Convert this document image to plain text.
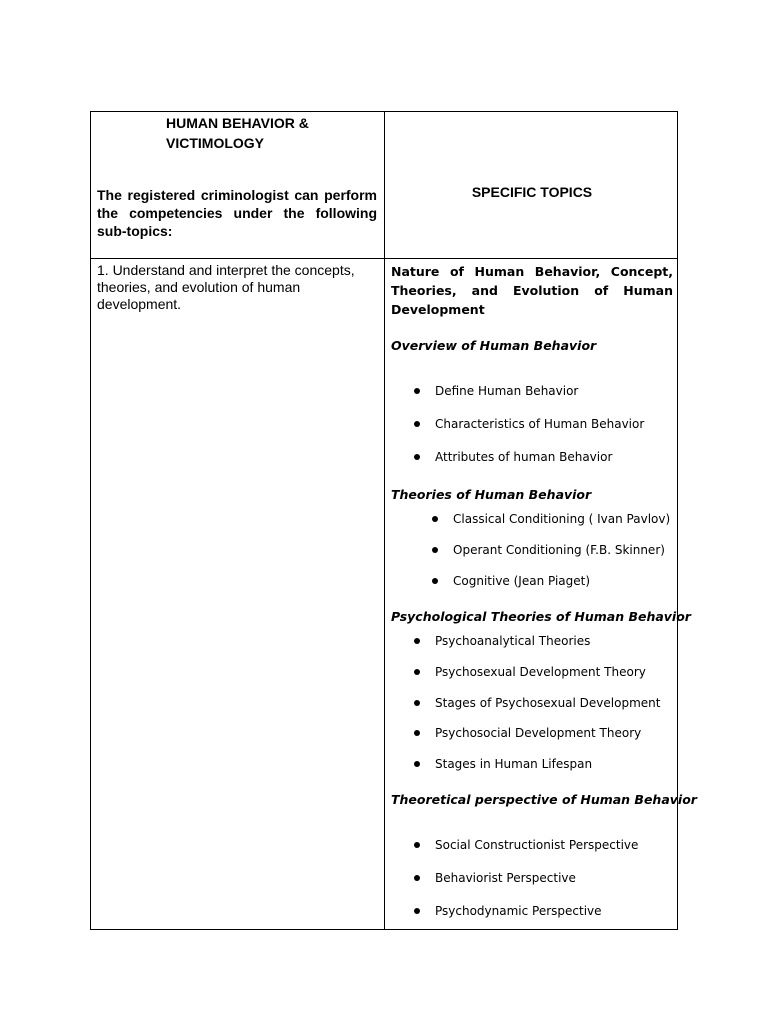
HUMAN BEHAVIOR &
VICTIMOLOGY
The registered criminologist can perform the competencies under the following sub-topics:
SPECIFIC TOPICS
1. Understand and interpret the concepts, theories, and evolution of human development.
Nature of Human Behavior, Concept, Theories, and Evolution of Human Development
Overview of Human Behavior
Define Human Behavior
Characteristics of Human Behavior
Attributes of human Behavior
Theories of Human Behavior
Classical Conditioning ( Ivan Pavlov)
Operant Conditioning (F.B. Skinner)
Cognitive (Jean Piaget)
Psychological Theories of Human Behavior
Psychoanalytical Theories
Psychosexual Development Theory
Stages of Psychosexual Development
Psychosocial Development Theory
Stages in Human Lifespan
Theoretical perspective of Human Behavior
Social Constructionist Perspective
Behaviorist Perspective
Psychodynamic Perspective
